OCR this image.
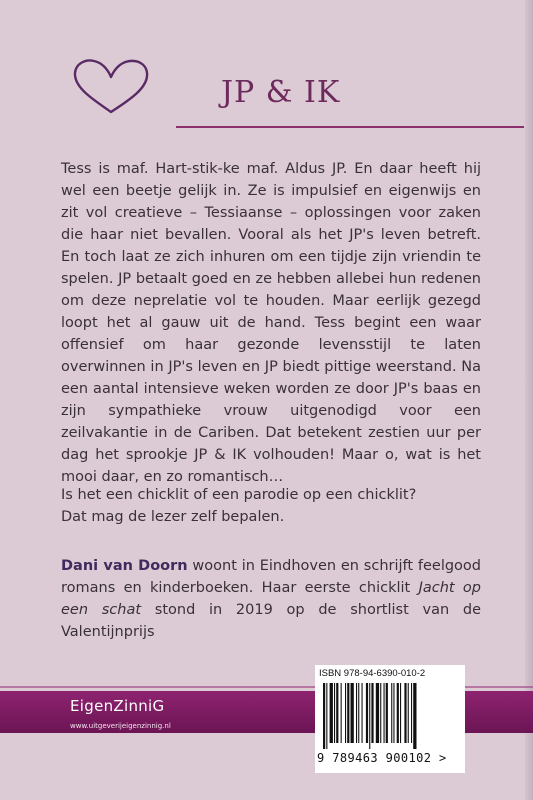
JP & IK

Tess is maf. Hart-stik-ke maf. Aldus JP. En daar heeft hij wel een beetje gelijk in. Ze is impulsief en eigenwijs en zit vol creatieve – Tessiaanse – oplossingen voor zaken die haar niet bevallen. Vooral als het JP's leven betreft. En toch laat ze zich inhuren om een tijdje zijn vriendin te spelen. JP betaalt goed en ze hebben allebei hun redenen om deze neprelatie vol te houden. Maar eerlijk gezegd loopt het al gauw uit de hand. Tess begint een waar offensief om haar gezonde levensstijl te laten overwinnen in JP's leven en JP biedt pittige weerstand. Na een aantal intensieve weken worden ze door JP's baas en zijn sympathieke vrouw uitgenodigd voor een zeilvakantie in de Cariben. Dat betekent zestien uur per dag het sprookje JP & IK volhouden! Maar o, wat is het mooi daar, en zo romantisch…

Is het een chicklit of een parodie op een chicklit?
Dat mag de lezer zelf bepalen.
Dani van Doorn woont in Eindhoven en schrijft feelgood romans en kinderboeken. Haar eerste chicklit Jacht op een schat stond in 2019 op de shortlist van de Valentijnprijs
EigenZinniG
www.uitgeverijeigenzinnig.nl
ISBN 978-94-6390-010-2
9 789463 900102 >
